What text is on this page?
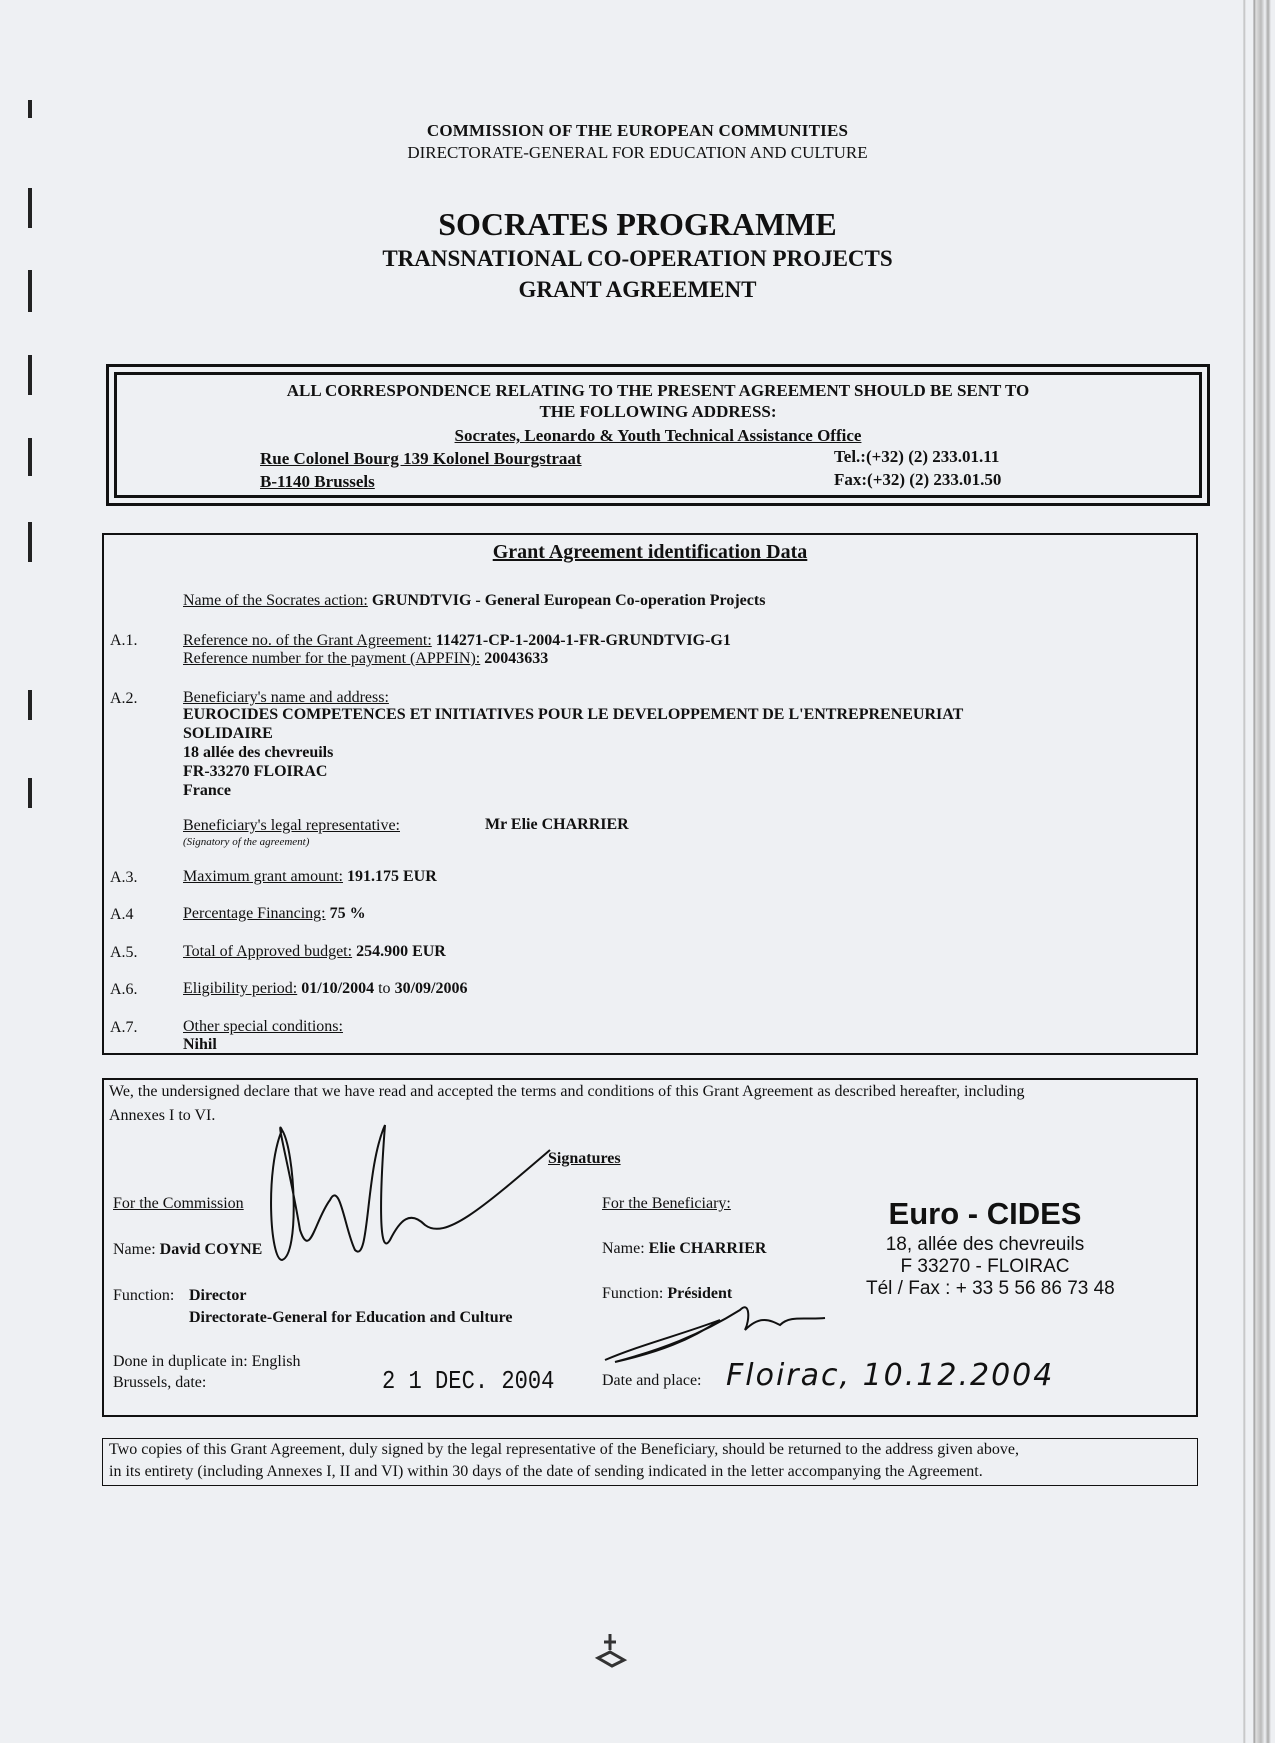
COMMISSION OF THE EUROPEAN COMMUNITIES
DIRECTORATE-GENERAL FOR EDUCATION AND CULTURE
SOCRATES PROGRAMME
TRANSNATIONAL CO-OPERATION PROJECTS
GRANT AGREEMENT
ALL CORRESPONDENCE RELATING TO THE PRESENT AGREEMENT SHOULD BE SENT TO
THE FOLLOWING ADDRESS:
Socrates, Leonardo & Youth Technical Assistance Office
Rue Colonel Bourg 139 Kolonel Bourgstraat
B-1140 Brussels
Tel.:(+32) (2) 233.01.11
Fax:(+32) (2) 233.01.50
Grant Agreement identification Data
Name of the Socrates action: GRUNDTVIG - General European Co-operation Projects
A.1.	Reference no. of the Grant Agreement: 114271-CP-1-2004-1-FR-GRUNDTVIG-G1
Reference number for the payment (APPFIN): 20043633
A.2.	Beneficiary's name and address:
EUROCIDES COMPETENCES ET INITIATIVES POUR LE DEVELOPPEMENT DE L'ENTREPRENEURIAT
SOLIDAIRE
18 allée des chevreuils
FR-33270 FLOIRAC
France
Beneficiary's legal representative:
(Signatory of the agreement)
Mr Elie CHARRIER
A.3.	Maximum grant amount: 191.175 EUR
A.4	Percentage Financing: 75 %
A.5.	Total of Approved budget: 254.900 EUR
A.6.	Eligibility period: 01/10/2004 to 30/09/2006
A.7.	Other special conditions:
Nihil
We, the undersigned declare that we have read and accepted the terms and conditions of this Grant Agreement as described hereafter, including
Annexes I to VI.
Signatures
For the Commission
Name: David COYNE
Function: Director
Directorate-General for Education and Culture
Done in duplicate in: English
Brussels, date:	2 1 DEC. 2004
For the Beneficiary:
Name: Elie CHARRIER
Function: Président
Date and place: Floirac, 10.12.2004
Euro - CIDES
18, allée des chevreuils
F 33270 - FLOIRAC
Tél / Fax : + 33 5 56 86 73 48
Two copies of this Grant Agreement, duly signed by the legal representative of the Beneficiary, should be returned to the address given above,
in its entirety (including Annexes I, II and VI) within 30 days of the date of sending indicated in the letter accompanying the Agreement.
